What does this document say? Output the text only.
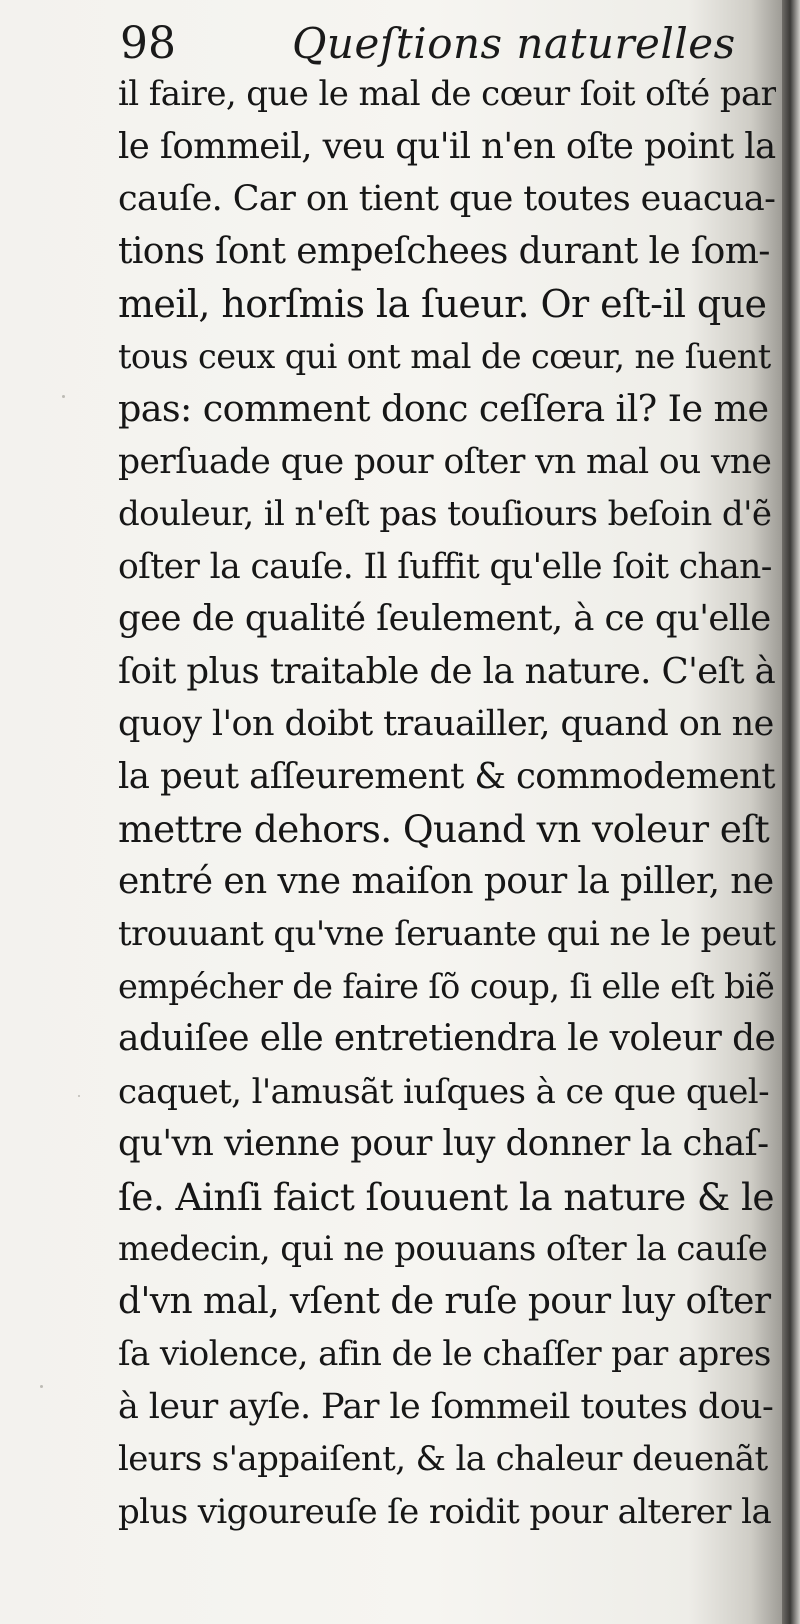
98	Queſtions naturelles
il faire, que le mal de cœur ſoit oſté par
le ſommeil, veu qu'il n'en oſte point la
cauſe. Car on tient que toutes euacua-
tions ſont empeſchees durant le ſom-
meil, horſmis la ſueur. Or eſt-il que
tous ceux qui ont mal de cœur, ne ſuent
pas: comment donc ceſſera il? Ie me
perſuade que pour oſter vn mal ou vne
douleur, il n'eſt pas touſiours beſoin d'ẽ
oſter la cauſe. Il ſuffit qu'elle ſoit chan-
gee de qualité ſeulement, à ce qu'elle
ſoit plus traitable de la nature. C'eſt à
quoy l'on doibt trauailler, quand on ne
la peut aſſeurement & commodement
mettre dehors. Quand vn voleur eſt
entré en vne maiſon pour la piller, ne
trouuant qu'vne ſeruante qui ne le peut
empécher de faire ſõ coup, ſi elle eſt biẽ
aduiſee elle entretiendra le voleur de
caquet, l'amusãt iuſques à ce que quel-
qu'vn vienne pour luy donner la chaſ-
ſe. Ainſi faict ſouuent la nature & le
medecin, qui ne pouuans oſter la cauſe
d'vn mal, vſent de ruſe pour luy oſter
ſa violence, afin de le chaſſer par apres
à leur ayſe. Par le ſommeil toutes dou-
leurs s'appaiſent, & la chaleur deuenãt
plus vigoureuſe ſe roidit pour alterer la
